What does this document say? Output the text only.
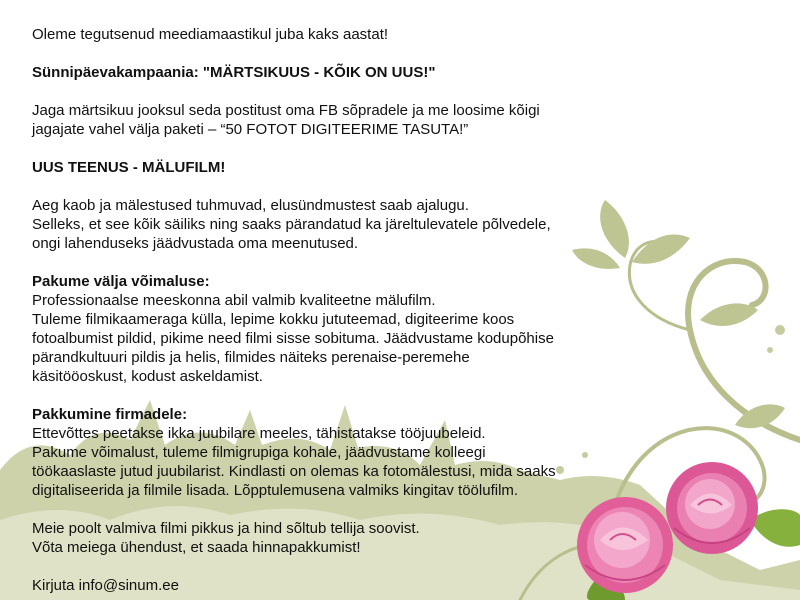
Oleme tegutsenud meediamaastikul juba kaks aastat!

Sünnipäevakampaania: "MÄRTSIKUUS - KÕIK ON UUS!"

Jaga märtsikuu jooksul seda postitust oma FB sõpradele ja me loosime kõigi
jagajate vahel välja paketi – “50 FOTOT DIGITEERIME TASUTA!”

UUS TEENUS - MÄLUFILM!

Aeg kaob ja mälestused tuhmuvad, elusündmustest saab ajalugu.
Selleks, et see kõik säiliks ning saaks pärandatud ka järeltulevatele põlvedele,
ongi lahenduseks jäädvustada oma meenutused.

Pakume välja võimaluse:
Professionaalse meeskonna abil valmib kvaliteetne mälufilm.
Tuleme filmikaameraga külla, lepime kokku jututeemad, digiteerime koos
fotoalbumist pildid, pikime need filmi sisse sobituma. Jäädvustame kodupõhise
pärandkultuuri pildis ja helis, filmides näiteks perenaise-peremehe
käsitööoskust, kodust askeldamist.

Pakkumine firmadele:
Ettevõttes peetakse ikka juubilare meeles, tähistatakse tööjuubeleid.
Pakume võimalust, tuleme filmigrupiga kohale, jäädvustame kolleegi
töökaaslaste jutud juubilarist. Kindlasti on olemas ka fotomälestusi, mida saaks
digitaliseerida ja filmile lisada. Lõpptulemusena valmiks kingitav töölufilm.

Meie poolt valmiva filmi pikkus ja hind sõltub tellija soovist.
Võta meiega ühendust, et saada hinnapakkumist!

Kirjuta info@sinum.ee
